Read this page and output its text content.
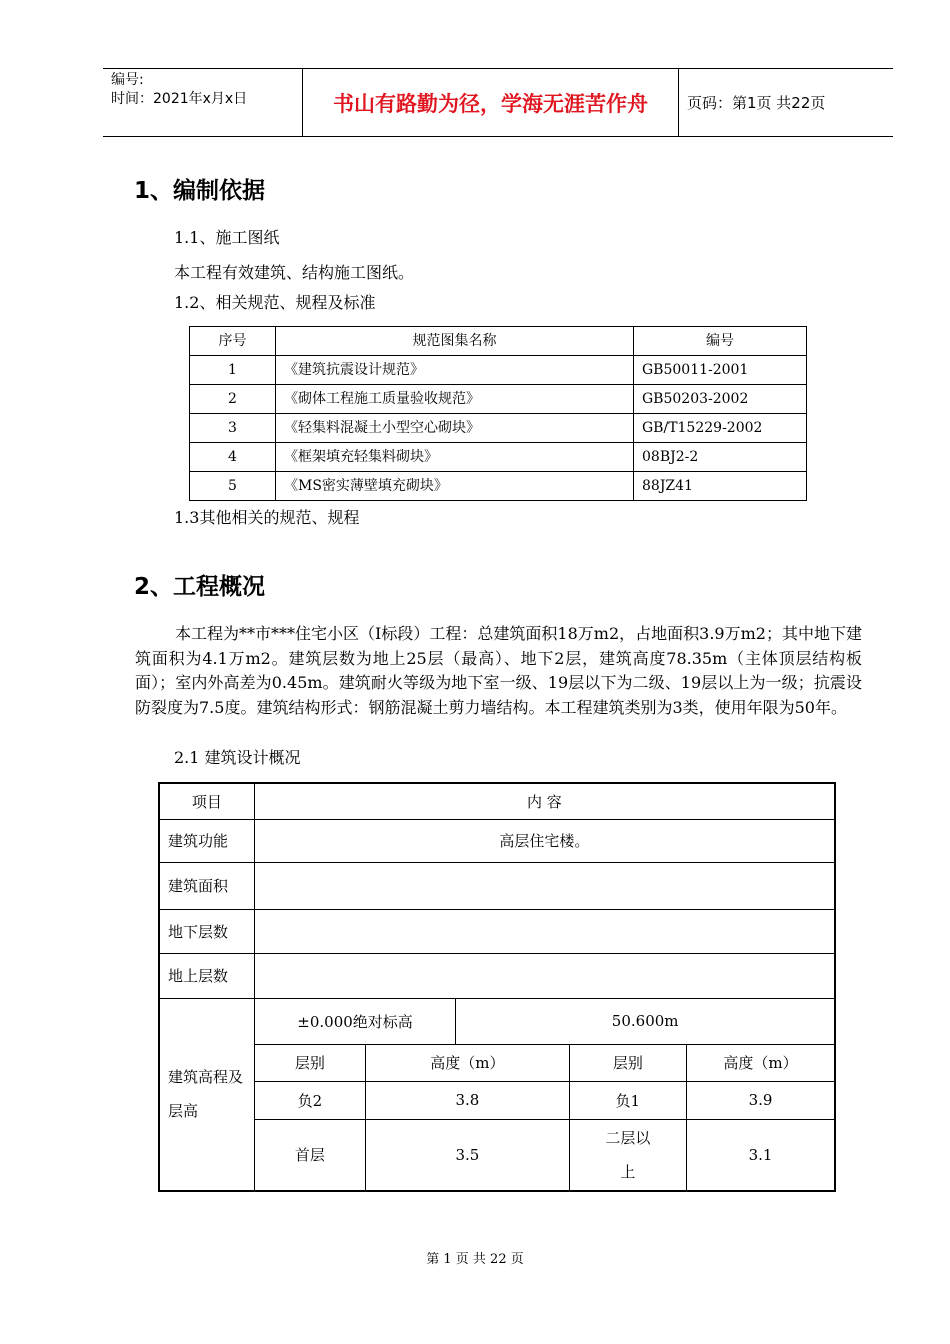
编号:
时间：2021年x月x日	书山有路勤为径，学海无涯苦作舟	页码：第1页 共22页
1、编制依据
1.1、施工图纸
本工程有效建筑、结构施工图纸。
1.2、相关规范、规程及标准
序号	规范图集名称	编号
1	《建筑抗震设计规范》	GB50011-2001
2	《砌体工程施工质量验收规范》	GB50203-2002
3	《轻集料混凝土小型空心砌块》	GB/T15229-2002
4	《框架填充轻集料砌块》	08BJ2-2
5	《MS密实薄壁填充砌块》	88JZ41
1.3其他相关的规范、规程
2、工程概况
本工程为**市***住宅小区（Ⅰ标段）工程：总建筑面积18万m2，占地面积3.9万m2；其中地下建筑面积为4.1万m2。建筑层数为地上25层（最高）、地下2层，建筑高度78.35m（主体顶层结构板面）；室内外高差为0.45m。建筑耐火等级为地下室一级、19层以下为二级、19层以上为一级；抗震设防裂度为7.5度。建筑结构形式：钢筋混凝土剪力墙结构。本工程建筑类别为3类，使用年限为50年。
2.1 建筑设计概况
项目	内 容				
建筑功能	高层住宅楼。				
建筑面积					
地下层数					
地上层数					
建筑高程及层高	±0.000绝对标高		50.600m		
	层别	高度（m）		层别	高度（m）
	负2	3.8		负1	3.9
	首层	3.5		二层以上	3.1
第 1 页 共 22 页
